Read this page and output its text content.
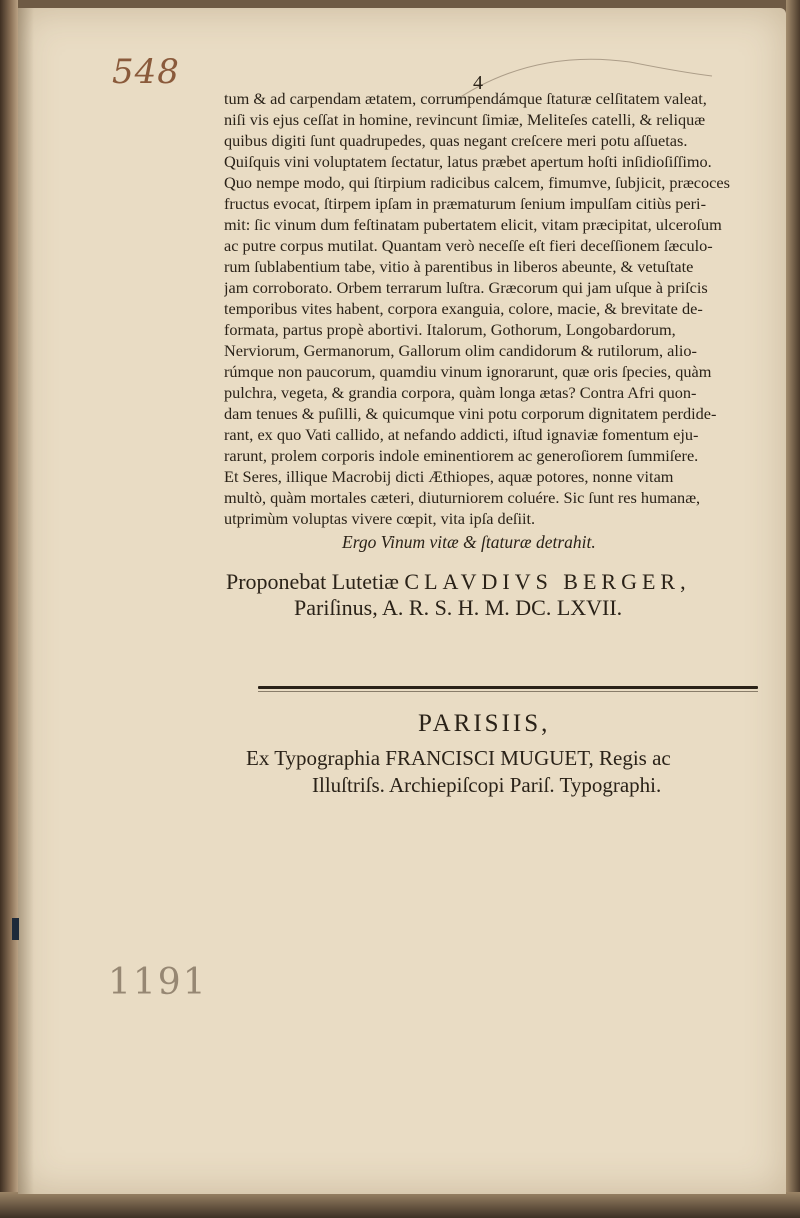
548	4
tum & ad carpendam ætatem, corrumpendámque ſtaturæ celſitatem valeat,
niſi vis ejus ceſſat in homine, revincunt ſimiæ, Meliteſes catelli, & reliquæ
quibus digiti ſunt quadrupedes, quas negant creſcere meri potu aſſuetas.
Quiſquis vini voluptatem ſectatur, latus præbet apertum hoſti inſidioſiſſimo.
Quo nempe modo, qui ſtirpium radicibus calcem, fimumve, ſubjicit, præcoces
fructus evocat, ſtirpem ipſam in præmaturum ſenium impulſam citiùs peri-
mit: ſic vinum dum feſtinatam pubertatem elicit, vitam præcipitat, ulceroſum
ac putre corpus mutilat. Quantam verò neceſſe eſt fieri deceſſionem ſæculo-
rum ſublabentium tabe, vitio à parentibus in liberos abeunte, & vetuſtate
jam corroborato. Orbem terrarum luſtra. Græcorum qui jam uſque à priſcis
temporibus vites habent, corpora exanguia, colore, macie, & brevitate de-
formata, partus propè abortivi. Italorum, Gothorum, Longobardorum,
Nerviorum, Germanorum, Gallorum olim candidorum & rutilorum, alio-
rúmque non paucorum, quamdiu vinum ignorarunt, quæ oris ſpecies, quàm
pulchra, vegeta, & grandia corpora, quàm longa ætas? Contra Afri quon-
dam tenues & puſilli, & quicumque vini potu corporum dignitatem perdide-
rant, ex quo Vati callido, at nefando addicti, iſtud ignaviæ fomentum eju-
rarunt, prolem corporis indole eminentiorem ac generoſiorem ſummiſere.
Et Seres, illique Macrobij dicti Æthiopes, aquæ potores, nonne vitam
multò, quàm mortales cæteri, diuturniorem coluére. Sic ſunt res humanæ,
utprimùm voluptas vivere cœpit, vita ipſa deſiit.
Ergo Vinum vitæ & ſtaturæ detrahit.
Proponebat Lutetiæ CLAVDIVS BERGER,
Pariſinus, A. R. S. H. M. DC. LXVII.
PARISIIS,
Ex Typographia FRANCISCI MUGUET, Regis ac
Illuſtriſs. Archiepiſcopi Pariſ. Typographi.
1191
